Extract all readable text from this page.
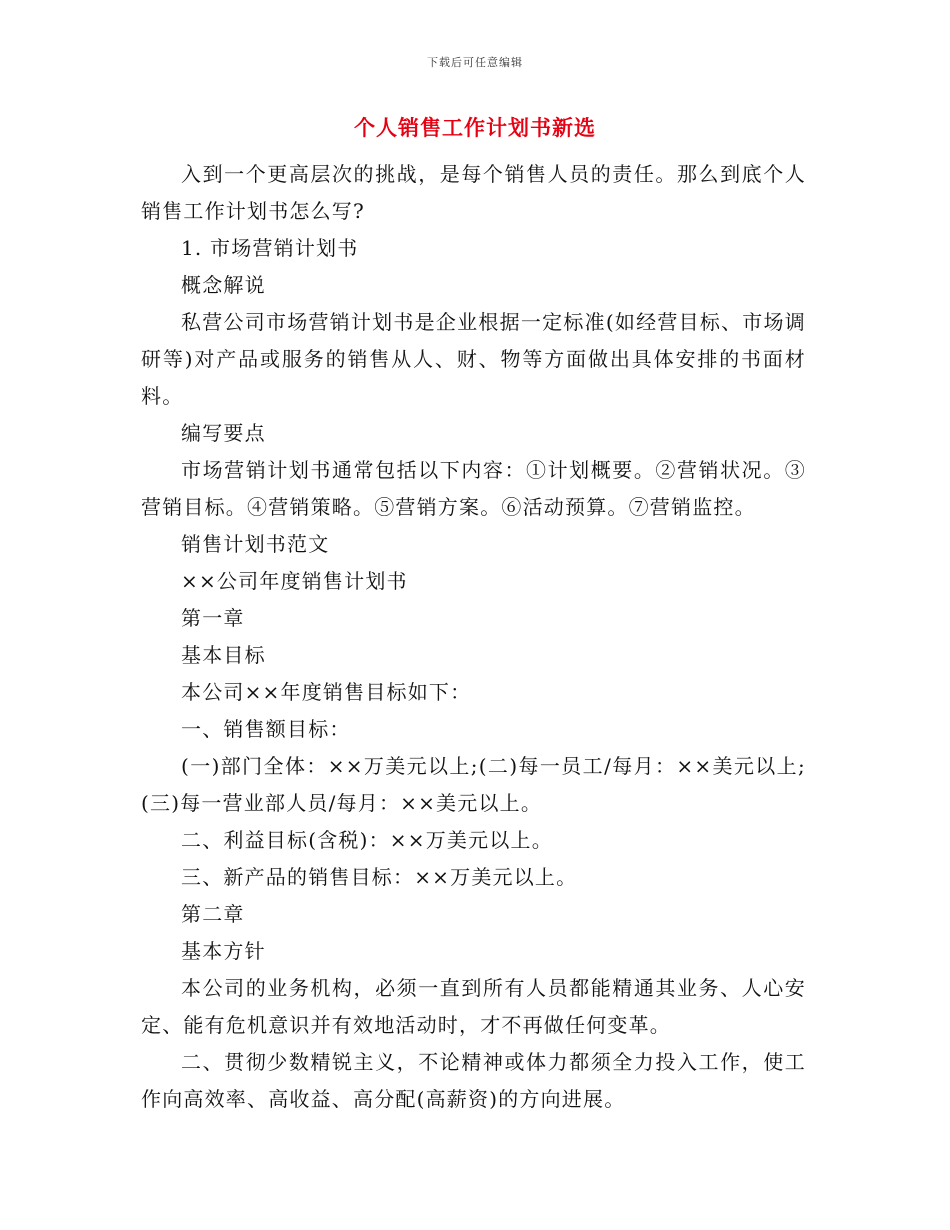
下载后可任意编辑
个人销售工作计划书新选

入到一个更高层次的挑战，是每个销售人员的责任。那么到底个人销售工作计划书怎么写?

1. 市场营销计划书

概念解说

私营公司市场营销计划书是企业根据一定标准(如经营目标、市场调研等)对产品或服务的销售从人、财、物等方面做出具体安排的书面材料。

编写要点

市场营销计划书通常包括以下内容：①计划概要。②营销状况。③营销目标。④营销策略。⑤营销方案。⑥活动预算。⑦营销监控。

销售计划书范文

××公司年度销售计划书

第一章

基本目标

本公司××年度销售目标如下：

一、销售额目标：

(一)部门全体：××万美元以上;(二)每一员工/每月：××美元以上;(三)每一营业部人员/每月：××美元以上。

二、利益目标(含税)：××万美元以上。

三、新产品的销售目标：××万美元以上。

第二章

基本方针

本公司的业务机构，必须一直到所有人员都能精通其业务、人心安定、能有危机意识并有效地活动时，才不再做任何变革。

二、贯彻少数精锐主义，不论精神或体力都须全力投入工作，使工作向高效率、高收益、高分配(高薪资)的方向进展。
